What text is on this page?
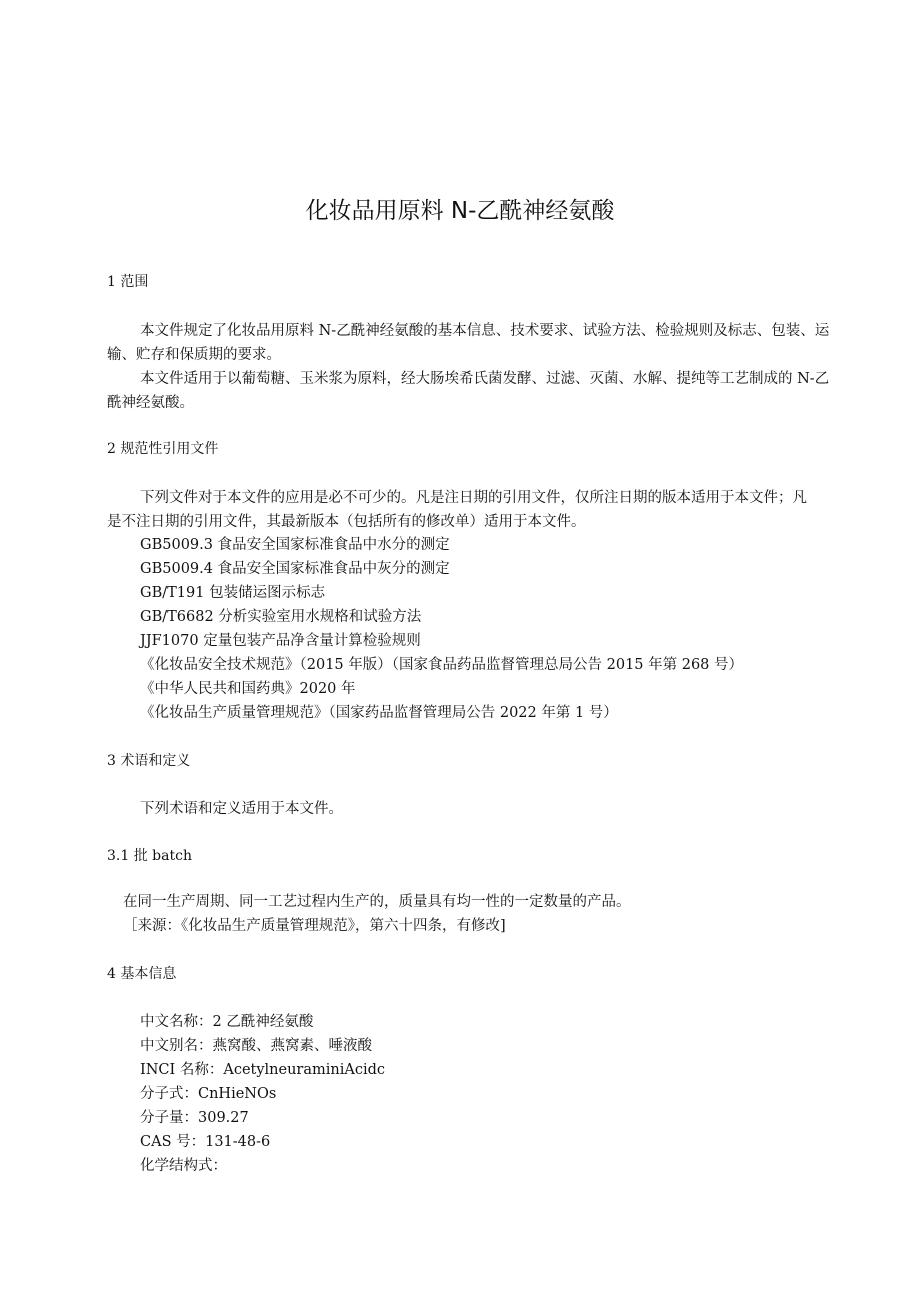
化妆品用原料 N-乙酰神经氨酸
1 范围
本文件规定了化妆品用原料 N-乙酰神经氨酸的基本信息、技术要求、试验方法、检验规则及标志、包装、运输、贮存和保质期的要求。
本文件适用于以葡萄糖、玉米浆为原料，经大肠埃希氏菌发酵、过滤、灭菌、水解、提纯等工艺制成的 N-乙酰神经氨酸。
2 规范性引用文件
下列文件对于本文件的应用是必不可少的。凡是注日期的引用文件，仅所注日期的版本适用于本文件；凡是不注日期的引用文件，其最新版本（包括所有的修改单）适用于本文件。
GB5009.3 食品安全国家标准食品中水分的测定
GB5009.4 食品安全国家标准食品中灰分的测定
GB/T191 包装储运图示标志
GB/T6682 分析实验室用水规格和试验方法
JJF1070 定量包装产品净含量计算检验规则
《化妆品安全技术规范》（2015 年版）（国家食品药品监督管理总局公告 2015 年第 268 号）
《中华人民共和国药典》2020 年
《化妆品生产质量管理规范》（国家药品监督管理局公告 2022 年第 1 号）
3 术语和定义
下列术语和定义适用于本文件。
3.1 批 batch
在同一生产周期、同一工艺过程内生产的，质量具有均一性的一定数量的产品。
［来源：《化妆品生产质量管理规范》，第六十四条，有修改]
4 基本信息
中文名称：2 乙酰神经氨酸
中文别名：燕窝酸、燕窝素、唾液酸
INCI 名称：AcetylneuraminiAcidc
分子式：CnHieNOs
分子量：309.27
CAS 号：131-48-6
化学结构式：
